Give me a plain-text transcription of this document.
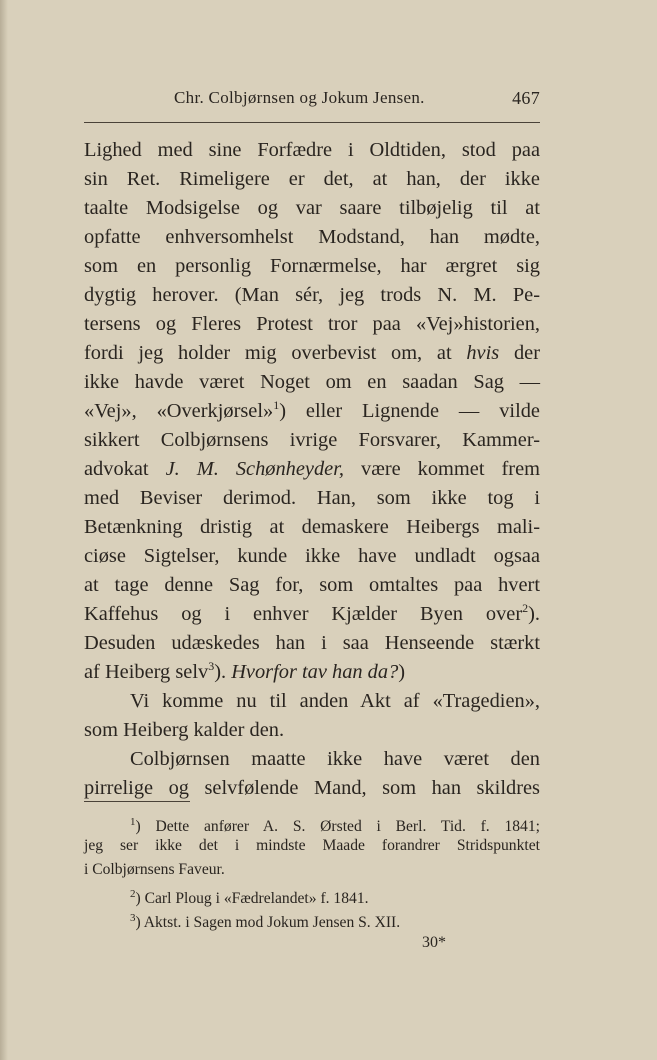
Chr. Colbjørnsen og Jokum Jensen.	467
Lighed med sine Forfædre i Oldtiden, stod paa
sin Ret. Rimeligere er det, at han, der ikke
taalte Modsigelse og var saare tilbøjelig til at
opfatte enhversomhelst Modstand, han mødte,
som en personlig Fornærmelse, har ærgret sig
dygtig herover. (Man sér, jeg trods N. M. Pe-
tersens og Fleres Protest tror paa «Vej»historien,
fordi jeg holder mig overbevist om, at hvis der
ikke havde været Noget om en saadan Sag —
«Vej», «Overkjørsel»$^1$) eller Lignende — vilde
sikkert Colbjørnsens ivrige Forsvarer, Kammer-
advokat J. M. Schønheyder, være kommet frem
med Beviser derimod. Han, som ikke tog i
Betænkning dristig at demaskere Heibergs mali-
ciøse Sigtelser, kunde ikke have undladt ogsaa
at tage denne Sag for, som omtaltes paa hvert
Kaffehus og i enhver Kjælder Byen over$^2$).
Desuden udæskedes han i saa Henseende stærkt
af Heiberg selv$^3$). Hvorfor tav han da?)
Vi komme nu til anden Akt af «Tragedien»,
som Heiberg kalder den.
Colbjørnsen maatte ikke have været den
pirrelige og selvfølende Mand, som han skildres
$^1$) Dette anfører A. S. Ørsted i Berl. Tid. f. 1841;
jeg ser ikke det i mindste Maade forandrer Stridspunktet
i Colbjørnsens Faveur.
$^2$) Carl Ploug i «Fædrelandet» f. 1841.
$^3$) Aktst. i Sagen mod Jokum Jensen S. XII.
30*
